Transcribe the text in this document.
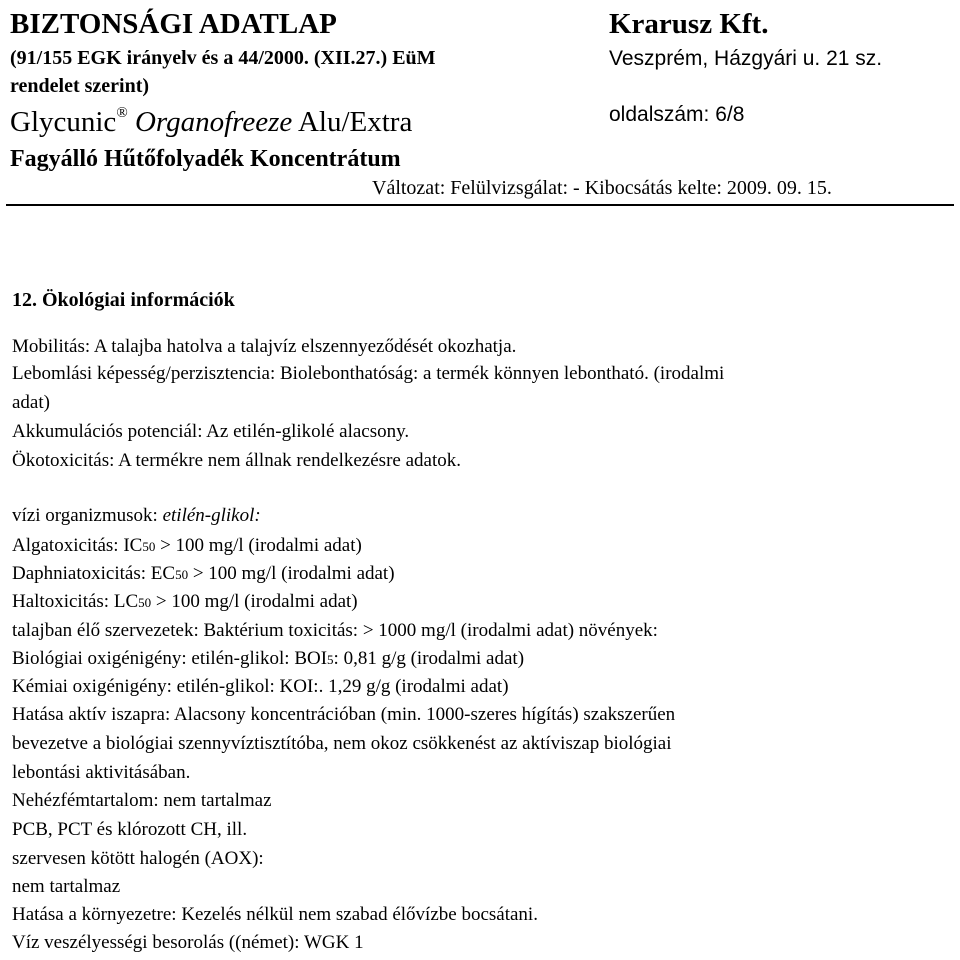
BIZTONSÁGI ADATLAP	Krarusz Kft.
(91/155 EGK irányelv és a 44/2000. (XII.27.) EüM	Veszprém, Házgyári u. 21 sz.
rendelet szerint)
Glycunic® Organofreeze Alu/Extra	oldalszám: 6/8
Fagyálló Hűtőfolyadék Koncentrátum
Változat: Felülvizsgálat: - Kibocsátás kelte: 2009. 09. 15.
12. Ökológiai információk
Mobilitás: A talajba hatolva a talajvíz elszennyeződését okozhatja.
Lebomlási képesség/perzisztencia: Biolebonthatóság: a termék könnyen lebontható. (irodalmi
adat)
Akkumulációs potenciál: Az etilén-glikolé alacsony.
Ökotoxicitás: A termékre nem állnak rendelkezésre adatok.
vízi organizmusok: etilén-glikol:
Algatoxicitás: IC50 > 100 mg/l (irodalmi adat)
Daphniatoxicitás: EC50 > 100 mg/l (irodalmi adat)
Haltoxicitás: LC50 > 100 mg/l (irodalmi adat)
talajban élő szervezetek: Baktérium toxicitás: > 1000 mg/l (irodalmi adat) növények:
Biológiai oxigénigény: etilén-glikol: BOI5: 0,81 g/g (irodalmi adat)
Kémiai oxigénigény: etilén-glikol: KOI:. 1,29 g/g (irodalmi adat)
Hatása aktív iszapra: Alacsony koncentrációban (min. 1000-szeres hígítás) szakszerűen
bevezetve a biológiai szennyvíztisztítóba, nem okoz csökkenést az aktíviszap biológiai
lebontási aktivitásában.
Nehézfémtartalom: nem tartalmaz
PCB, PCT és klórozott CH, ill.
szervesen kötött halogén (AOX):
nem tartalmaz
Hatása a környezetre: Kezelés nélkül nem szabad élővízbe bocsátani.
Víz veszélyességi besorolás ((német): WGK 1
